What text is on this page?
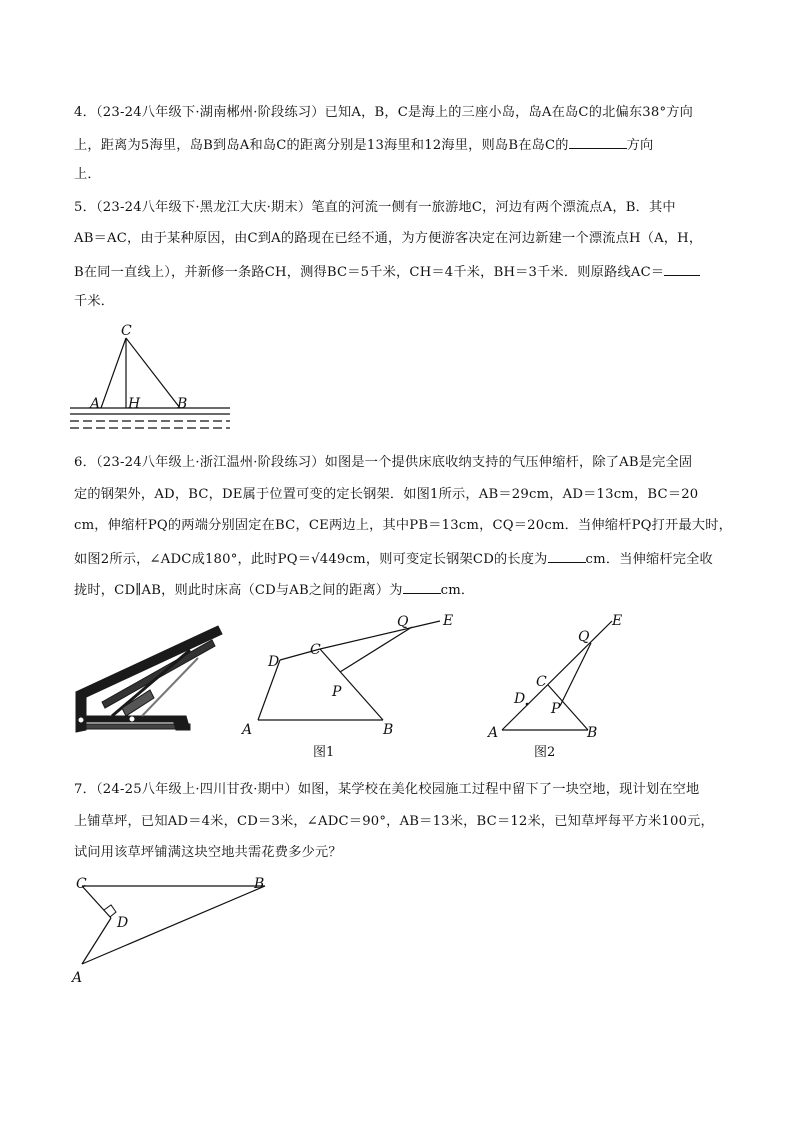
4．（23-24八年级下·湖南郴州·阶段练习）已知A，B，C是海上的三座小岛，岛A在岛C的北偏东38°方向
上，距离为5海里，岛B到岛A和岛C的距离分别是13海里和12海里，则岛B在岛C的	方向
上．
5．（23-24八年级下·黑龙江大庆·期末）笔直的河流一侧有一旅游地C，河边有两个漂流点A，B．其中
AB＝AC，由于某种原因，由C到A的路现在已经不通，为方便游客决定在河边新建一个漂流点H（A，H，
B在同一直线上），并新修一条路CH，测得BC＝5千米，CH＝4千米，BH＝3千米．则原路线AC＝
千米．
C
A H	B
6．（23-24八年级上·浙江温州·阶段练习）如图是一个提供床底收纳支持的气压伸缩杆，除了AB是完全固
定的钢架外，AD，BC，DE属于位置可变的定长钢架．如图1所示，AB＝29cm，AD＝13cm，BC＝20
cm，伸缩杆PQ的两端分别固定在BC，CE两边上，其中PB＝13cm，CQ＝20cm．当伸缩杆PQ打开最大时，
如图2所示，∠ADC成180°，此时PQ＝√449cm，则可变定长钢架CD的长度为	cm．当伸缩杆完全收
拢时，CD∥AB，则此时床高（CD与AB之间的距离）为	cm．
A	B
C
D
P
Q E
图1
A	B
C
D
P
Q
E
图2
7．（24-25八年级上·四川甘孜·期中）如图，某学校在美化校园施工过程中留下了一块空地，现计划在空地
上铺草坪，已知AD＝4米，CD＝3米，∠ADC＝90°，AB＝13米，BC＝12米，已知草坪每平方米100元，
试问用该草坪铺满这块空地共需花费多少元？
C	B
D
A
